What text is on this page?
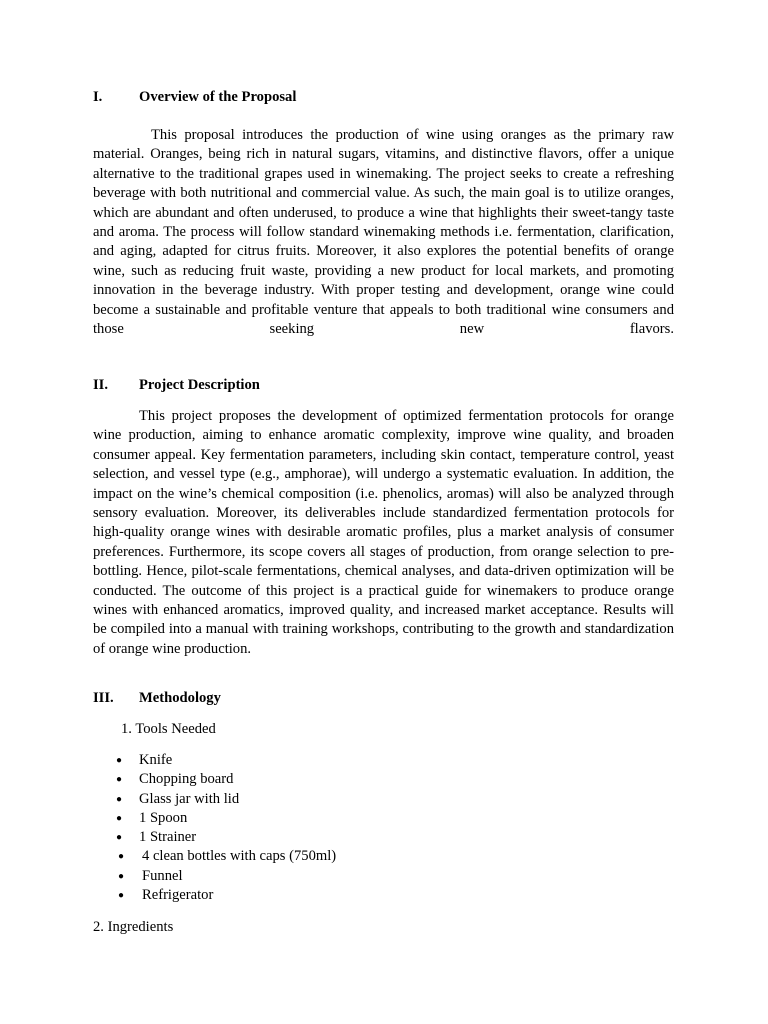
I.	Overview of the Proposal

This proposal introduces the production of wine using oranges as the primary raw material. Oranges, being rich in natural sugars, vitamins, and distinctive flavors, offer a unique alternative to the traditional grapes used in winemaking. The project seeks to create a refreshing beverage with both nutritional and commercial value. As such, the main goal is to utilize oranges, which are abundant and often underused, to produce a wine that highlights their sweet-tangy taste and aroma. The process will follow standard winemaking methods i.e. fermentation, clarification, and aging, adapted for citrus fruits. Moreover, it also explores the potential benefits of orange wine, such as reducing fruit waste, providing a new product for local markets, and promoting innovation in the beverage industry. With proper testing and development, orange wine could become a sustainable and profitable venture that appeals to both traditional wine consumers and those seeking new flavors.

II. Project Description

This project proposes the development of optimized fermentation protocols for orange wine production, aiming to enhance aromatic complexity, improve wine quality, and broaden consumer appeal. Key fermentation parameters, including skin contact, temperature control, yeast selection, and vessel type (e.g., amphorae), will undergo a systematic evaluation. In addition, the impact on the wine’s chemical composition (i.e. phenolics, aromas) will also be analyzed through sensory evaluation. Moreover, its deliverables include standardized fermentation protocols for high-quality orange wines with desirable aromatic profiles, plus a market analysis of consumer preferences. Furthermore, its scope covers all stages of production, from orange selection to pre-bottling. Hence, pilot-scale fermentations, chemical analyses, and data-driven optimization will be conducted. The outcome of this project is a practical guide for winemakers to produce orange wines with enhanced aromatics, improved quality, and increased market acceptance. Results will be compiled into a manual with training workshops, contributing to the growth and standardization of orange wine production.

III. Methodology
1. Tools Needed
● Knife
● Chopping board
● Glass jar with lid
● 1 Spoon
● 1 Strainer
● 4 clean bottles with caps (750ml)
● Funnel
● Refrigerator
2. Ingredients
